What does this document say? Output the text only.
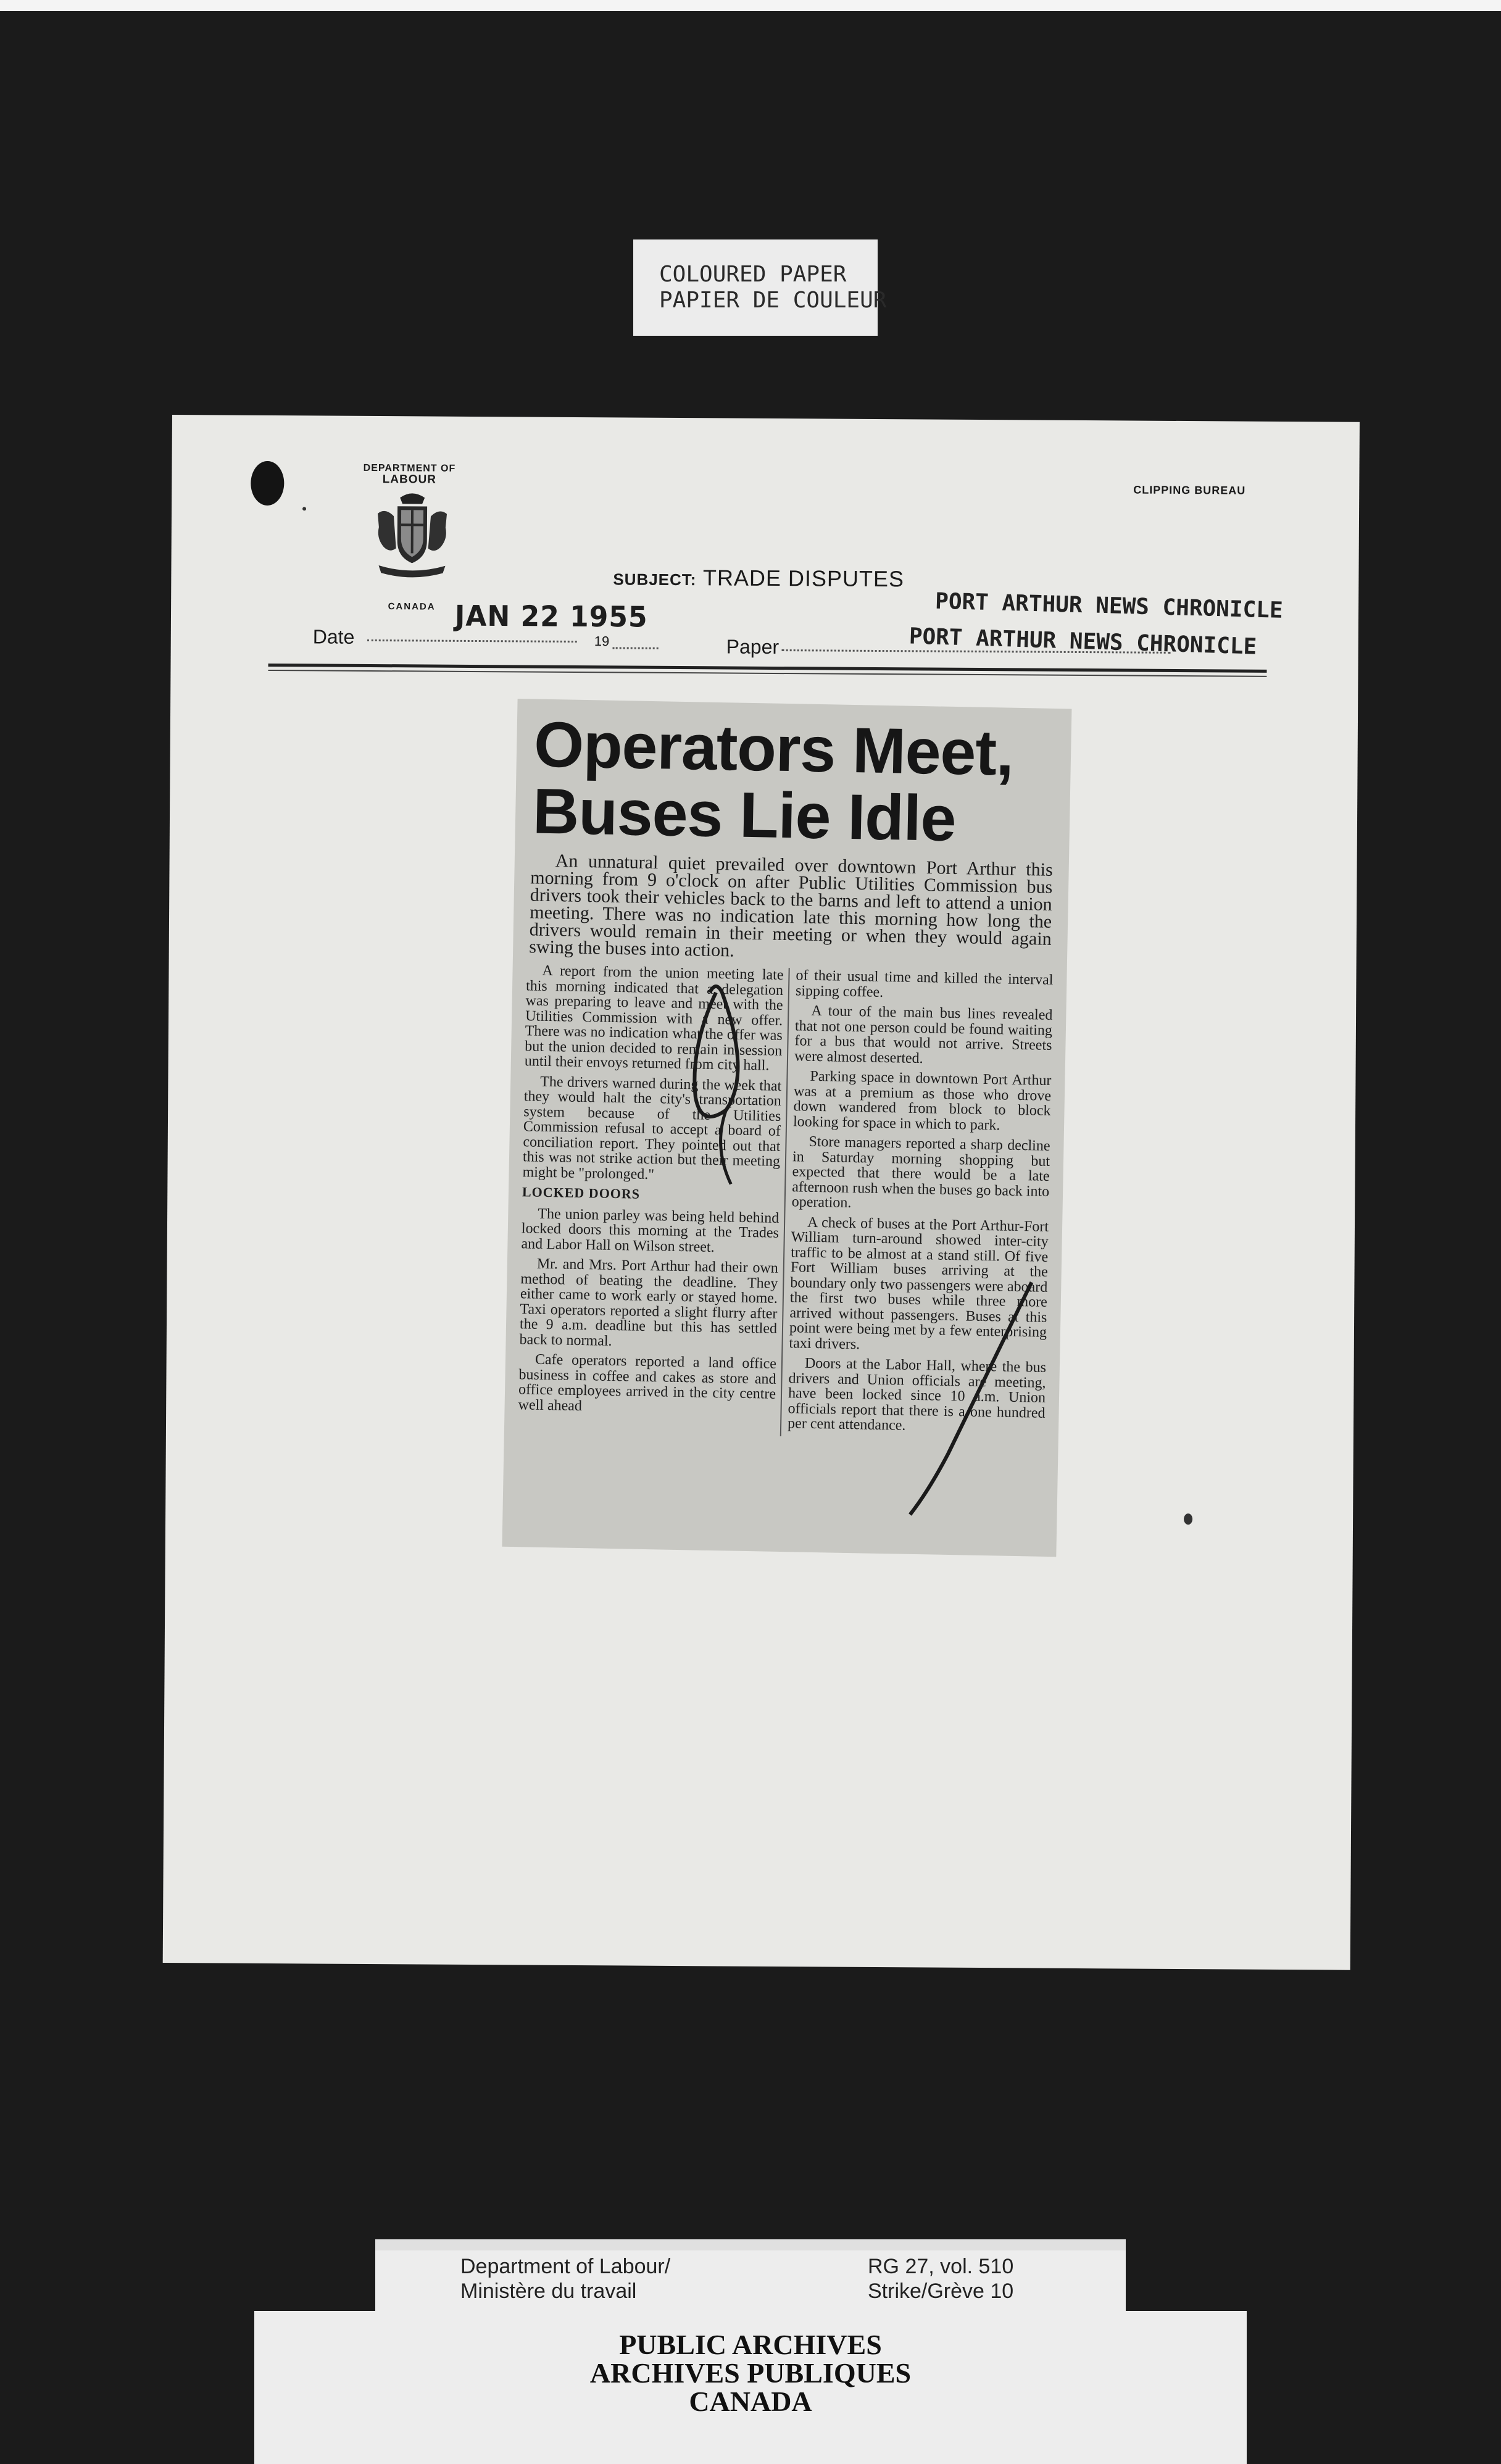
COLOURED PAPER
PAPIER DE COULEUR
DEPARTMENT OF
LABOUR
CANADA
CLIPPING BUREAU
SUBJECT: TRADE DISPUTES
JAN 22 1955	PORT ARTHUR NEWS CHRONICLE
PORT ARTHUR NEWS CHRONICLE
Date	19	Paper
Operators Meet,
Buses Lie Idle
An unnatural quiet prevailed over downtown Port Arthur this morning from 9 o'clock on after Public Utilities Commission bus drivers took their vehicles back to the barns and left to attend a union meeting. There was no indication late this morning how long the drivers would remain in their meeting or when they would again swing the buses into action.

A report from the union meeting late this morning indicated that a delegation was preparing to leave and meet with the Utilities Commission with a new offer. There was no indication what the offer was but the union decided to remain in session until their envoys returned from city hall.

The drivers warned during the week that they would halt the city's transportation system because of the Utilities Commission refusal to accept a board of conciliation report. They pointed out that this was not strike action but their meeting might be "prolonged."

LOCKED DOORS

The union parley was being held behind locked doors this morning at the Trades and Labor Hall on Wilson street.

Mr. and Mrs. Port Arthur had their own method of beating the deadline. They either came to work early or stayed home. Taxi operators reported a slight flurry after the 9 a.m. deadline but this has settled back to normal.

Cafe operators reported a land office business in coffee and cakes as store and office employees arrived in the city centre well ahead

of their usual time and killed the interval sipping coffee.

A tour of the main bus lines revealed that not one person could be found waiting for a bus that would not arrive. Streets were almost deserted.

Parking space in downtown Port Arthur was at a premium as those who drove down wandered from block to block looking for space in which to park.

Store managers reported a sharp decline in Saturday morning shopping but expected that there would be a late afternoon rush when the buses go back into operation.

A check of buses at the Port Arthur-Fort William turn-around showed inter-city traffic to be almost at a stand still. Of five Fort William buses arriving at the boundary only two passengers were aboard the first two buses while three more arrived without passengers. Buses at this point were being met by a few enterprising taxi drivers.

Doors at the Labor Hall, where the bus drivers and Union officials are meeting, have been locked since 10 a.m. Union officials report that there is a one hundred per cent attendance.

Department of Labour/
Ministère du travail
RG 27, vol. 510
Strike/Grève 10
PUBLIC ARCHIVES
ARCHIVES PUBLIQUES
CANADA
